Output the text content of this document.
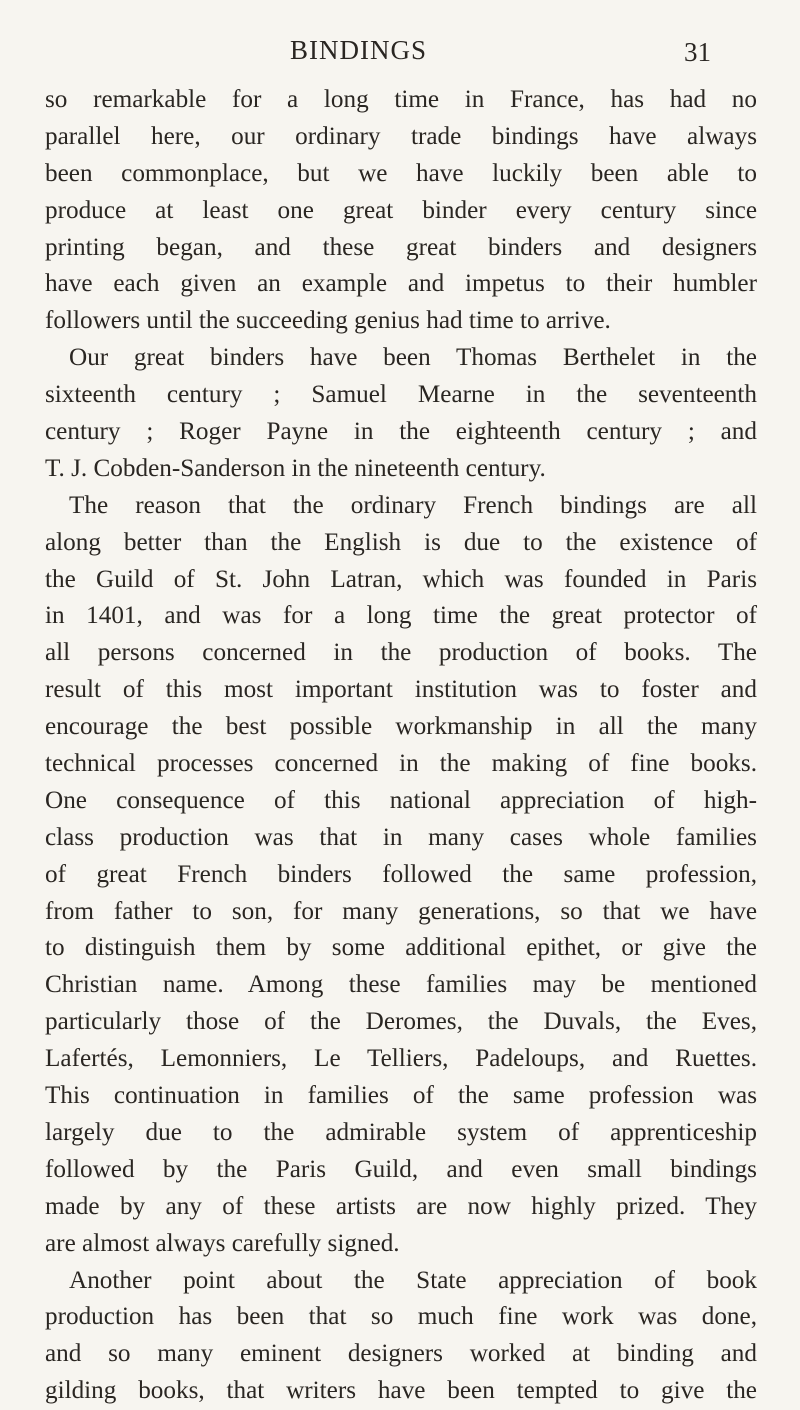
BINDINGS	31
so remarkable for a long time in France, has had no
parallel here, our ordinary trade bindings have always
been commonplace, but we have luckily been able to
produce at least one great binder every century since
printing began, and these great binders and designers
have each given an example and impetus to their humbler
followers until the succeeding genius had time to arrive.
Our great binders have been Thomas Berthelet in the
sixteenth century ; Samuel Mearne in the seventeenth
century ; Roger Payne in the eighteenth century ; and
T. J. Cobden-Sanderson in the nineteenth century.
The reason that the ordinary French bindings are all
along better than the English is due to the existence of
the Guild of St. John Latran, which was founded in Paris
in 1401, and was for a long time the great protector of
all persons concerned in the production of books. The
result of this most important institution was to foster and
encourage the best possible workmanship in all the many
technical processes concerned in the making of fine books.
One consequence of this national appreciation of high-
class production was that in many cases whole families
of great French binders followed the same profession,
from father to son, for many generations, so that we have
to distinguish them by some additional epithet, or give the
Christian name. Among these families may be mentioned
particularly those of the Deromes, the Duvals, the Eves,
Lafertés, Lemonniers, Le Telliers, Padeloups, and Ruettes.
This continuation in families of the same profession was
largely due to the admirable system of apprenticeship
followed by the Paris Guild, and even small bindings
made by any of these artists are now highly prized. They
are almost always carefully signed.
Another point about the State appreciation of book
production has been that so much fine work was done,
and so many eminent designers worked at binding and
gilding books, that writers have been tempted to give the
